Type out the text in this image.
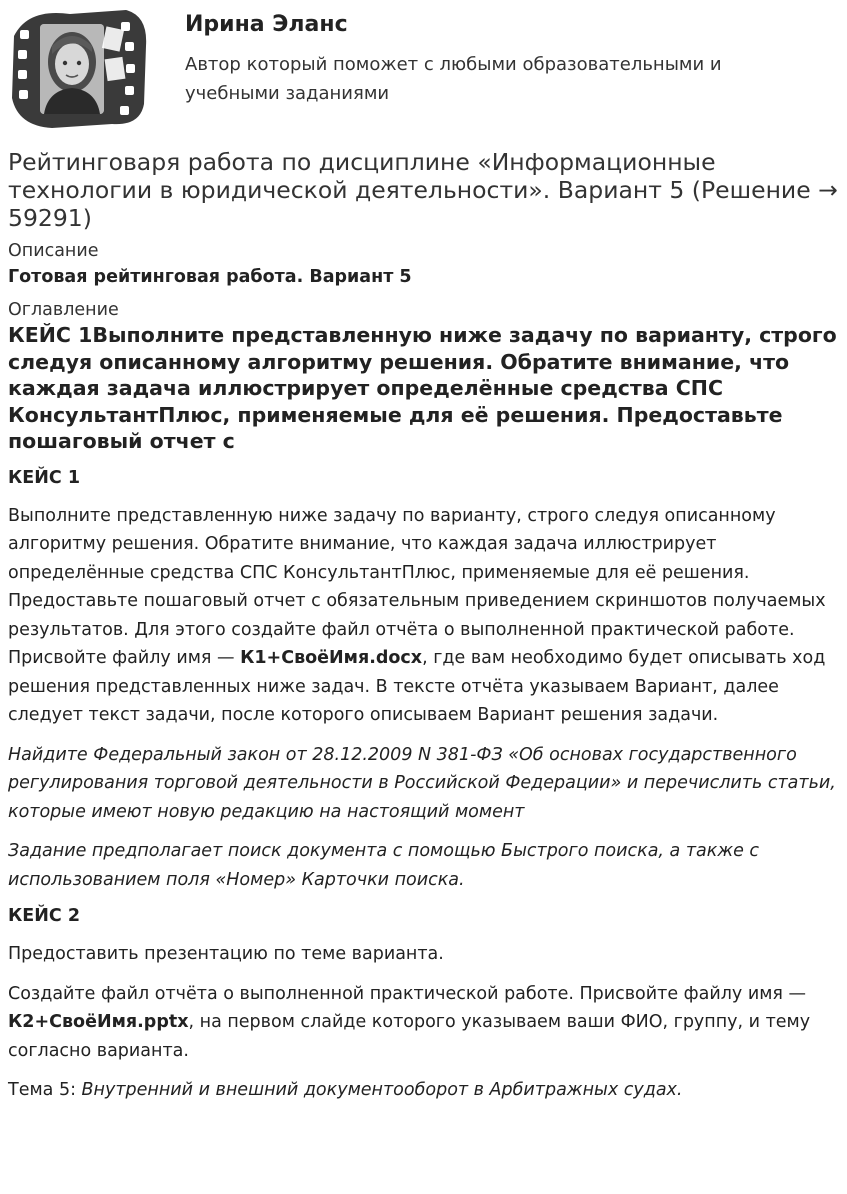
Ирина Эланс
Автор который поможет с любыми образовательными и учебными заданиями
Рейтинговаря работа по дисциплине «Информационные технологии в юридической деятельности». Вариант 5 (Решение → 59291)
Описание
Готовая рейтинговая работа. Вариант 5
Оглавление
КЕЙС 1Выполните представленную ниже задачу по варианту, строго следуя описанному алгоритму решения. Обратите внимание, что каждая задача иллюстрирует определённые средства СПС КонсультантПлюс, применяемые для её решения. Предоставьте пошаговый отчет с
КЕЙС 1

Выполните представленную ниже задачу по варианту, строго следуя описанному алгоритму решения. Обратите внимание, что каждая задача иллюстрирует определённые средства СПС КонсультантПлюс, применяемые для её решения. Предоставьте пошаговый отчет с обязательным приведением скриншотов получаемых результатов. Для этого создайте файл отчёта о выполненной практической работе. Присвойте файлу имя — К1+СвоёИмя.docx, где вам необходимо будет описывать ход решения представленных ниже задач. В тексте отчёта указываем Вариант, далее следует текст задачи, после которого описываем Вариант решения задачи.

Найдите Федеральный закон от 28.12.2009 N 381-ФЗ «Об основах государственного регулирования торговой деятельности в Российской Федерации» и перечислить статьи, которые имеют новую редакцию на настоящий момент

Задание предполагает поиск документа с помощью Быстрого поиска, а также с использованием поля «Номер» Карточки поиска.

КЕЙС 2

Предоставить презентацию по теме варианта.

Создайте файл отчёта о выполненной практической работе. Присвойте файлу имя — К2+СвоёИмя.pptx, на первом слайде которого указываем ваши ФИО, группу, и тему согласно варианта.

Тема 5: Внутренний и внешний документооборот в Арбитражных судах.
